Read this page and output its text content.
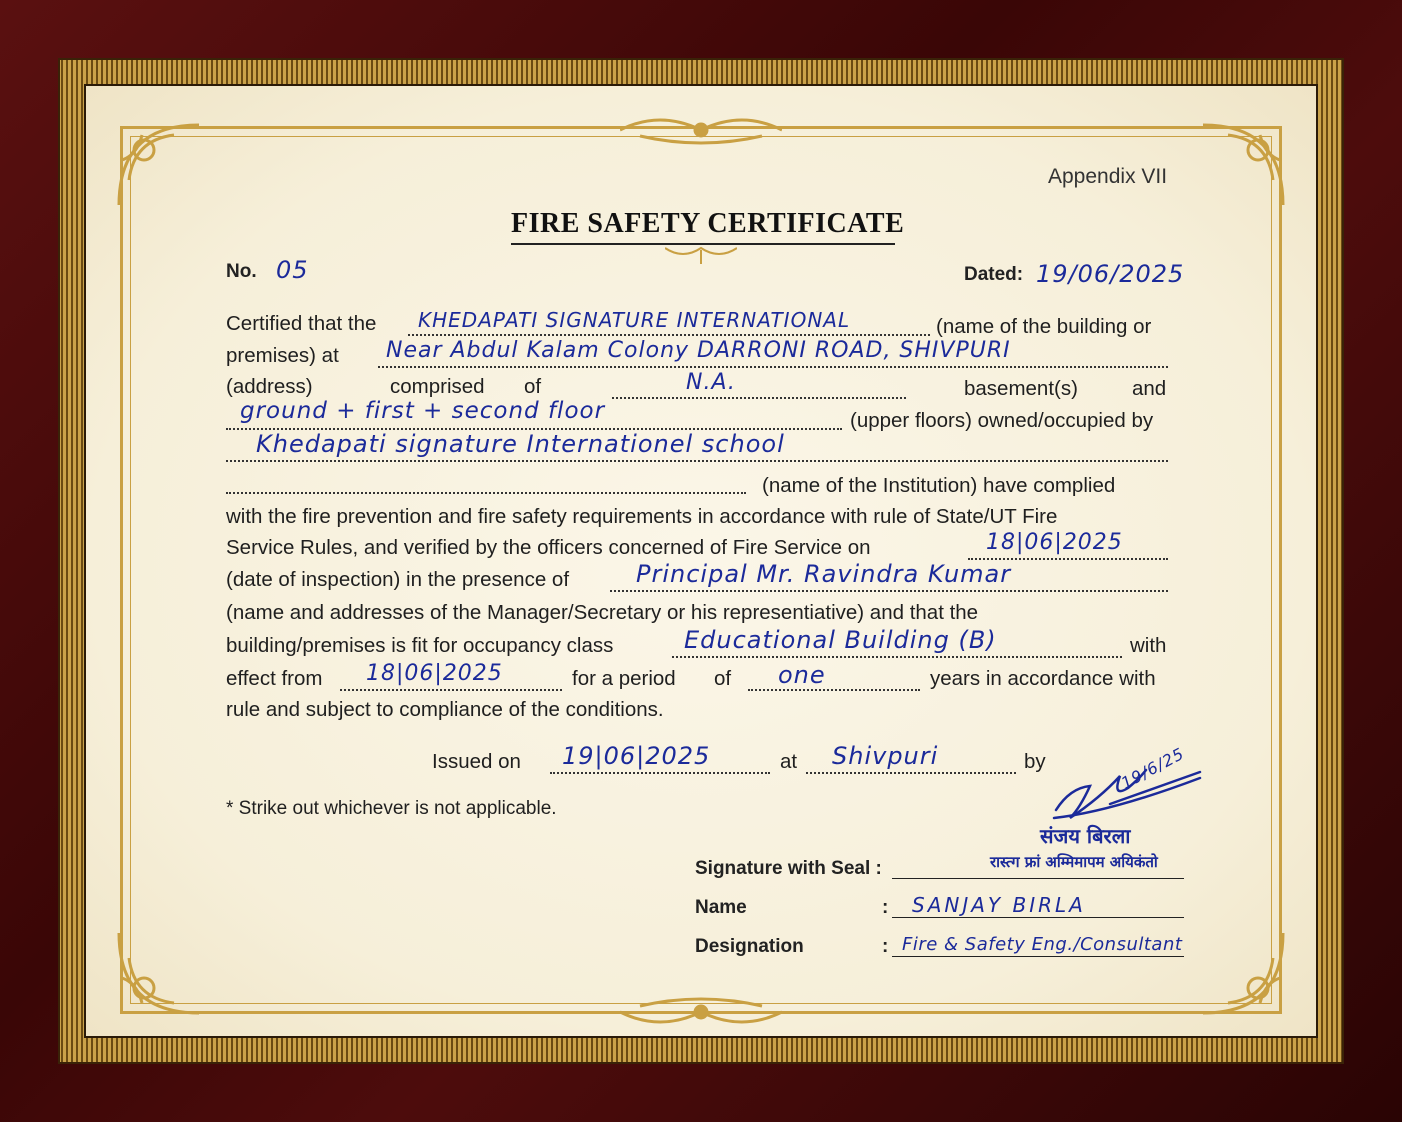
Appendix VII
FIRE SAFETY CERTIFICATE
No. 05	Dated: 19/06/2025
Certified that the KHEDAPATI SIGNATURE INTERNATIONAL	(name of the building or
premises) at Near Abdul Kalam Colony DARRONI ROAD, SHIVPURI
(address)	comprised of	N.A.	basement(s)	and
ground + first + second floor	(upper floors) owned/occupied by
Khedapati signature Internationel school
(name of the Institution) have complied
with the fire prevention and fire safety requirements in accordance with rule of State/UT Fire
Service Rules, and verified by the officers concerned of Fire Service on	18|06|2025
(date of inspection) in the presence of	Principal Mr. Ravindra Kumar
(name and addresses of the Manager/Secretary or his representiative) and that the
building/premises is fit for occupancy class	Educational Building (B)	with
effect from 18|06|2025	for a period of one	years in accordance with
rule and subject to compliance of the conditions.
Issued on 19|06|2025	at Shivpuri	by
* Strike out whichever is not applicable.
19/6/25
संजय बिरला
रास्त्ग फ्रां अम्मिमापम अयिकंतो
Signature with Seal :
Name	: SANJAY BIRLA
Designation	: Fire & Safety Eng./Consultant
